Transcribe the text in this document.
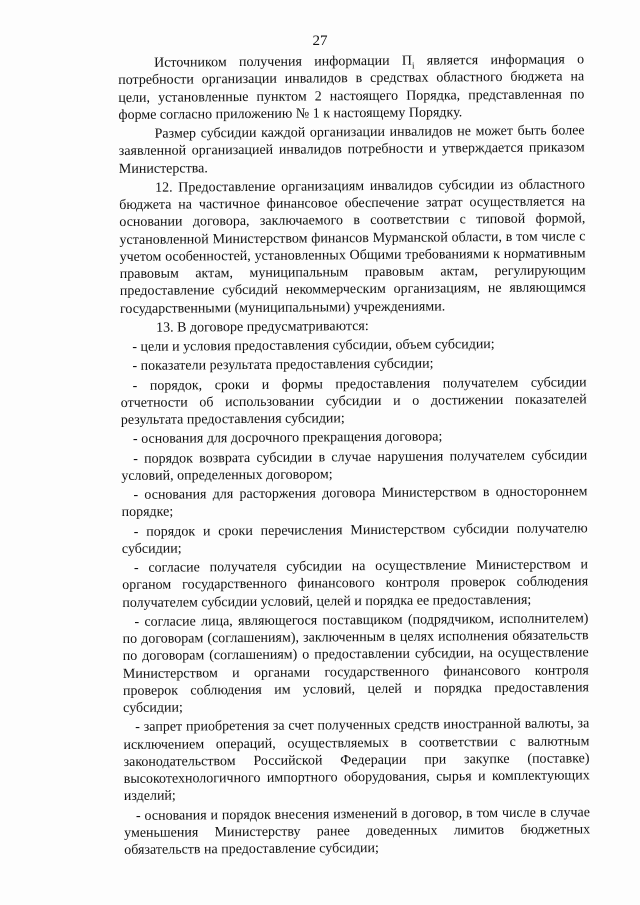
27

Источником получения информации $П_i$ является информация о потребности организации инвалидов в средствах областного бюджета на цели, установленные пунктом 2 настоящего Порядка, представленная по форме согласно приложению № 1 к настоящему Порядку.

Размер субсидии каждой организации инвалидов не может быть более заявленной организацией инвалидов потребности и утверждается приказом Министерства.

12. Предоставление организациям инвалидов субсидии из областного бюджета на частичное финансовое обеспечение затрат осуществляется на основании договора, заключаемого в соответствии с типовой формой, установленной Министерством финансов Мурманской области, в том числе с учетом особенностей, установленных Общими требованиями к нормативным правовым актам, муниципальным правовым актам, регулирующим предоставление субсидий некоммерческим организациям, не являющимся государственными (муниципальными) учреждениями.

13. В договоре предусматриваются:

- цели и условия предоставления субсидии, объем субсидии;

- показатели результата предоставления субсидии;

- порядок, сроки и формы предоставления получателем субсидии отчетности об использовании субсидии и о достижении показателей результата предоставления субсидии;

- основания для досрочного прекращения договора;

- порядок возврата субсидии в случае нарушения получателем субсидии условий, определенных договором;

- основания для расторжения договора Министерством в одностороннем порядке;

- порядок и сроки перечисления Министерством субсидии получателю субсидии;

- согласие получателя субсидии на осуществление Министерством и органом государственного финансового контроля проверок соблюдения получателем субсидии условий, целей и порядка ее предоставления;

- согласие лица, являющегося поставщиком (подрядчиком, исполнителем) по договорам (соглашениям), заключенным в целях исполнения обязательств по договорам (соглашениям) о предоставлении субсидии, на осуществление Министерством и органами государственного финансового контроля проверок соблюдения им условий, целей и порядка предоставления субсидии;

- запрет приобретения за счет полученных средств иностранной валюты, за исключением операций, осуществляемых в соответствии с валютным законодательством Российской Федерации при закупке (поставке) высокотехнологичного импортного оборудования, сырья и комплектующих изделий;

- основания и порядок внесения изменений в договор, в том числе в случае уменьшения Министерству ранее доведенных лимитов бюджетных обязательств на предоставление субсидии;
